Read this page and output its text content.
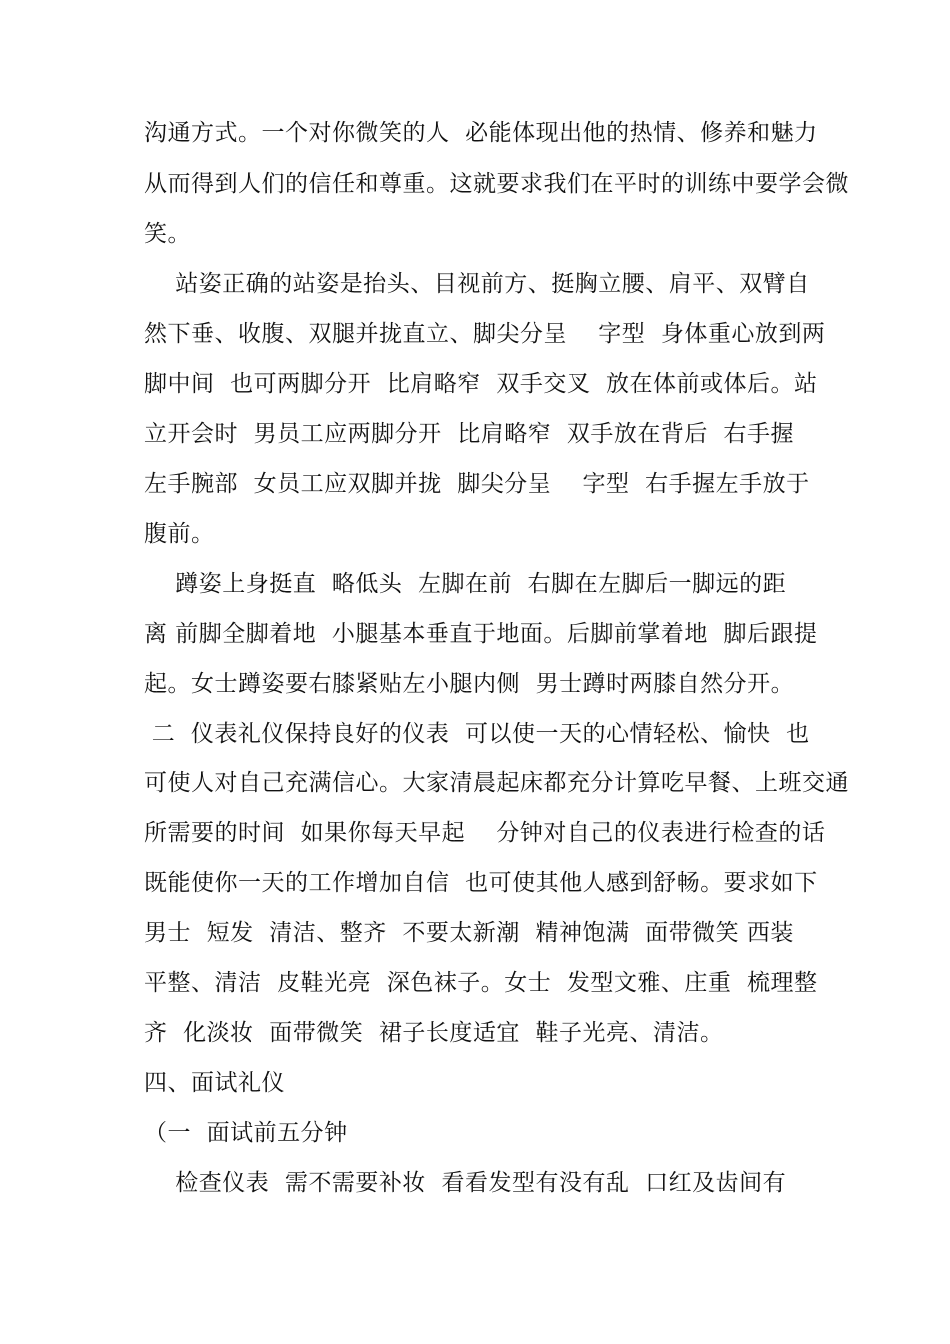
沟通方式。一个对你微笑的人  必能体现出他的热情、修养和魅力
从而得到人们的信任和尊重。这就要求我们在平时的训练中要学会微
笑。
站姿正确的站姿是抬头、目视前方、挺胸立腰、肩平、双臂自
然下垂、收腹、双腿并拢直立、脚尖分呈    字型  身体重心放到两
脚中间  也可两脚分开  比肩略窄  双手交叉  放在体前或体后。站
立开会时  男员工应两脚分开  比肩略窄  双手放在背后  右手握
左手腕部  女员工应双脚并拢  脚尖分呈    字型  右手握左手放于
腹前。
蹲姿上身挺直  略低头  左脚在前  右脚在左脚后一脚远的距
离 前脚全脚着地  小腿基本垂直于地面。后脚前掌着地  脚后跟提
起。女士蹲姿要右膝紧贴左小腿内侧  男士蹲时两膝自然分开。
二  仪表礼仪保持良好的仪表  可以使一天的心情轻松、愉快  也
可使人对自己充满信心。大家清晨起床都充分计算吃早餐、上班交通
所需要的时间  如果你每天早起    分钟对自己的仪表进行检查的话
既能使你一天的工作增加自信  也可使其他人感到舒畅。要求如下
男士  短发  清洁、整齐  不要太新潮  精神饱满  面带微笑 西装
平整、清洁  皮鞋光亮  深色袜子。女士  发型文雅、庄重  梳理整
齐  化淡妆  面带微笑  裙子长度适宜  鞋子光亮、清洁。
四、面试礼仪
（一  面试前五分钟
检查仪表  需不需要补妆  看看发型有没有乱  口红及齿间有
